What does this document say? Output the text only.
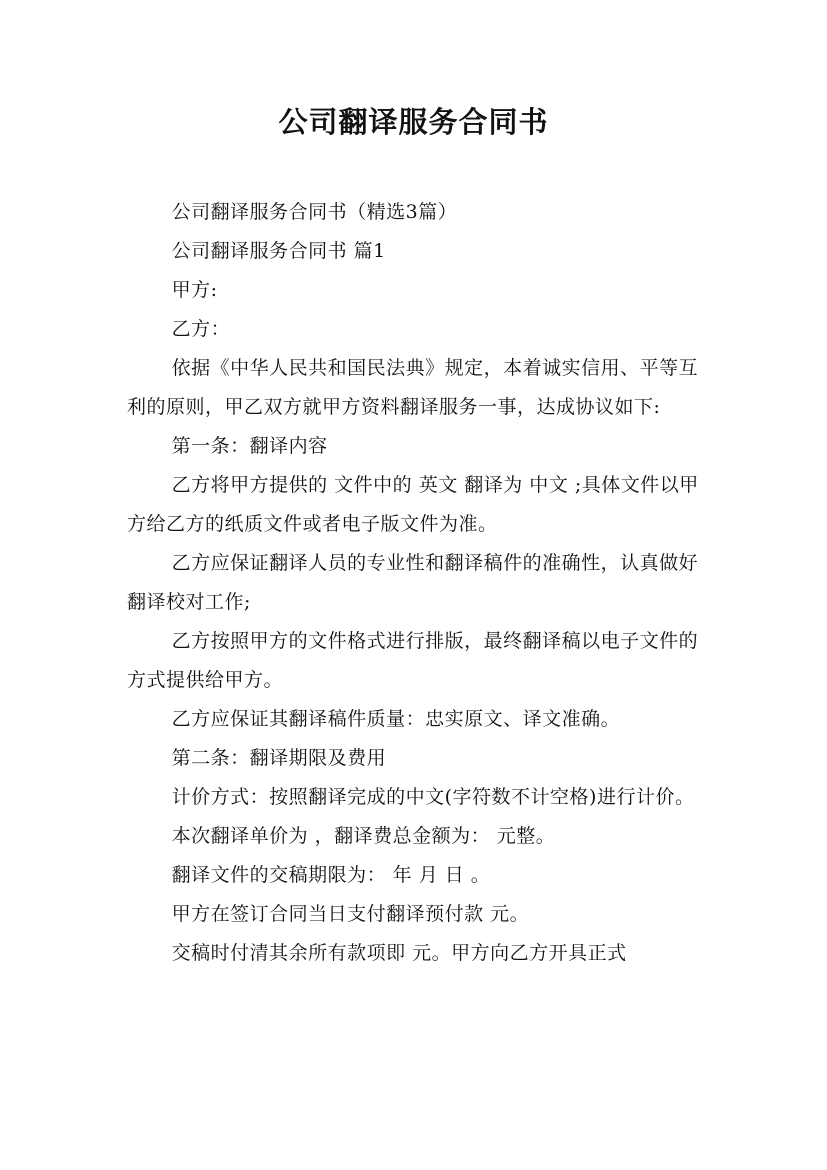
公司翻译服务合同书

公司翻译服务合同书（精选3篇）

公司翻译服务合同书 篇1

甲方:

乙方：

依据《中华人民共和国民法典》规定，本着诚实信用、平等互利的原则，甲乙双方就甲方资料翻译服务一事，达成协议如下:

第一条：翻译内容

乙方将甲方提供的 文件中的 英文 翻译为 中文 ;具体文件以甲方给乙方的纸质文件或者电子版文件为准。

乙方应保证翻译人员的专业性和翻译稿件的准确性，认真做好翻译校对工作;

乙方按照甲方的文件格式进行排版，最终翻译稿以电子文件的方式提供给甲方。

乙方应保证其翻译稿件质量：忠实原文、译文准确。

第二条：翻译期限及费用

计价方式：按照翻译完成的中文(字符数不计空格)进行计价。

本次翻译单价为 ，翻译费总金额为： 元整。

翻译文件的交稿期限为： 年 月 日 。

甲方在签订合同当日支付翻译预付款 元。

交稿时付清其余所有款项即 元。甲方向乙方开具正式
